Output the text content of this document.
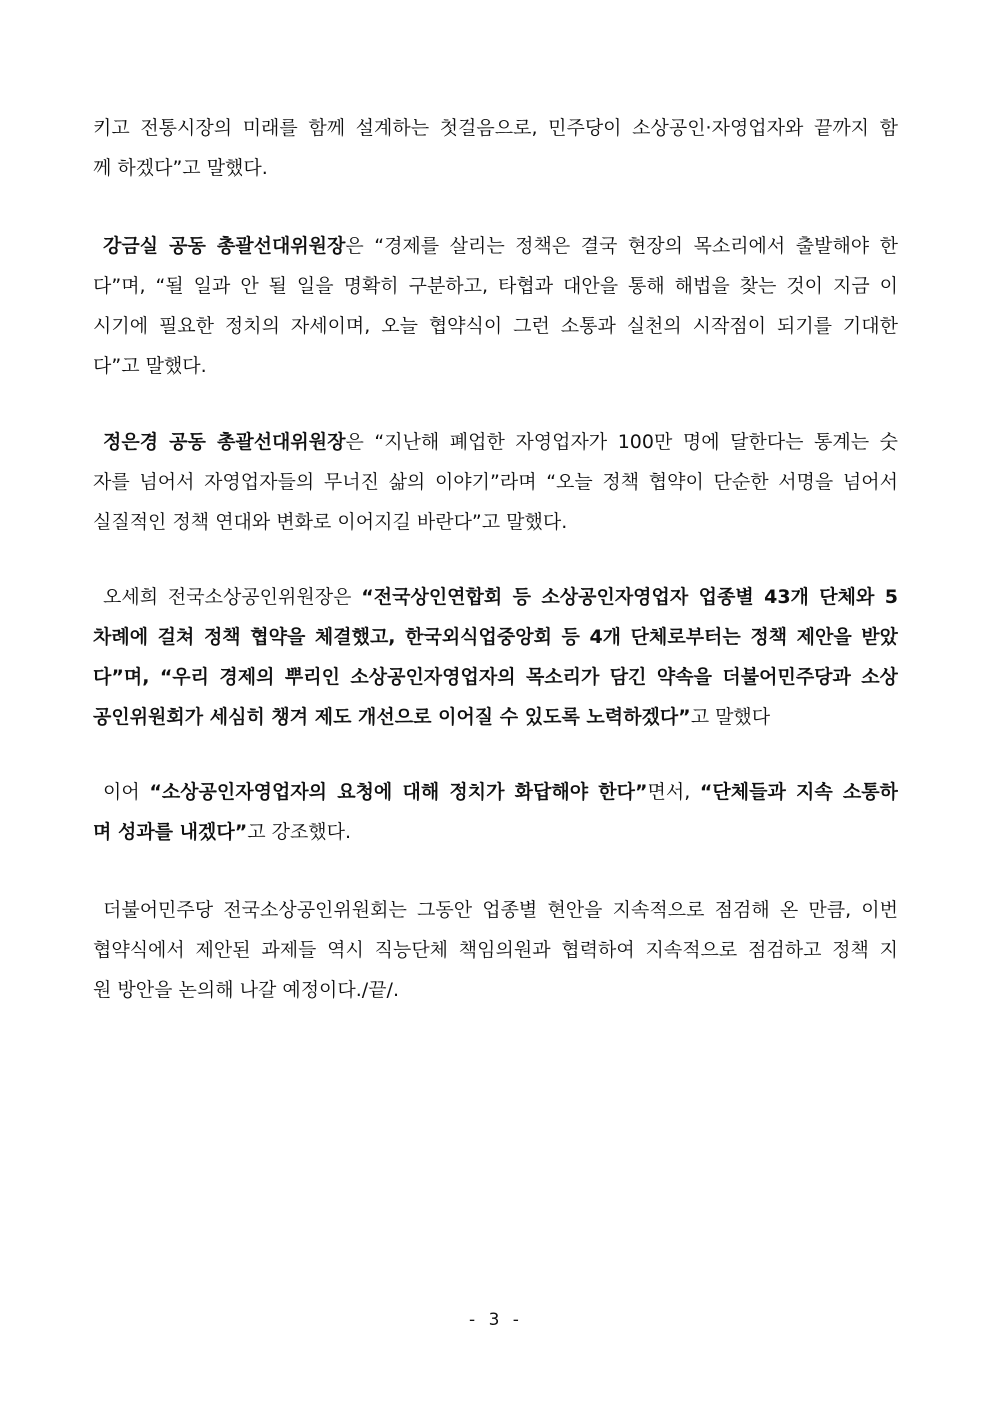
키고 전통시장의 미래를 함께 설계하는 첫걸음으로, 민주당이 소상공인·자영업자와 끝까지 함
께 하겠다”고 말했다.
강금실 공동 총괄선대위원장은 “경제를 살리는 정책은 결국 현장의 목소리에서 출발해야 한
다”며, “될 일과 안 될 일을 명확히 구분하고, 타협과 대안을 통해 해법을 찾는 것이 지금 이
시기에 필요한 정치의 자세이며, 오늘 협약식이 그런 소통과 실천의 시작점이 되기를 기대한
다”고 말했다.
정은경 공동 총괄선대위원장은 “지난해 폐업한 자영업자가 100만 명에 달한다는 통계는 숫
자를 넘어서 자영업자들의 무너진 삶의 이야기”라며 “오늘 정책 협약이 단순한 서명을 넘어서
실질적인 정책 연대와 변화로 이어지길 바란다”고 말했다.
오세희 전국소상공인위원장은 “전국상인연합회 등 소상공인자영업자 업종별 43개 단체와 5
차례에 걸쳐 정책 협약을 체결했고, 한국외식업중앙회 등 4개 단체로부터는 정책 제안을 받았
다”며, “우리 경제의 뿌리인 소상공인자영업자의 목소리가 담긴 약속을 더불어민주당과 소상
공인위원회가 세심히 챙겨 제도 개선으로 이어질 수 있도록 노력하겠다”고 말했다
이어 “소상공인자영업자의 요청에 대해 정치가 화답해야 한다”면서, “단체들과 지속 소통하
며 성과를 내겠다”고 강조했다.
더불어민주당 전국소상공인위원회는 그동안 업종별 현안을 지속적으로 점검해 온 만큼, 이번
협약식에서 제안된 과제들 역시 직능단체 책임의원과 협력하여 지속적으로 점검하고 정책 지
원 방안을 논의해 나갈 예정이다./끝/.
- 3 -
